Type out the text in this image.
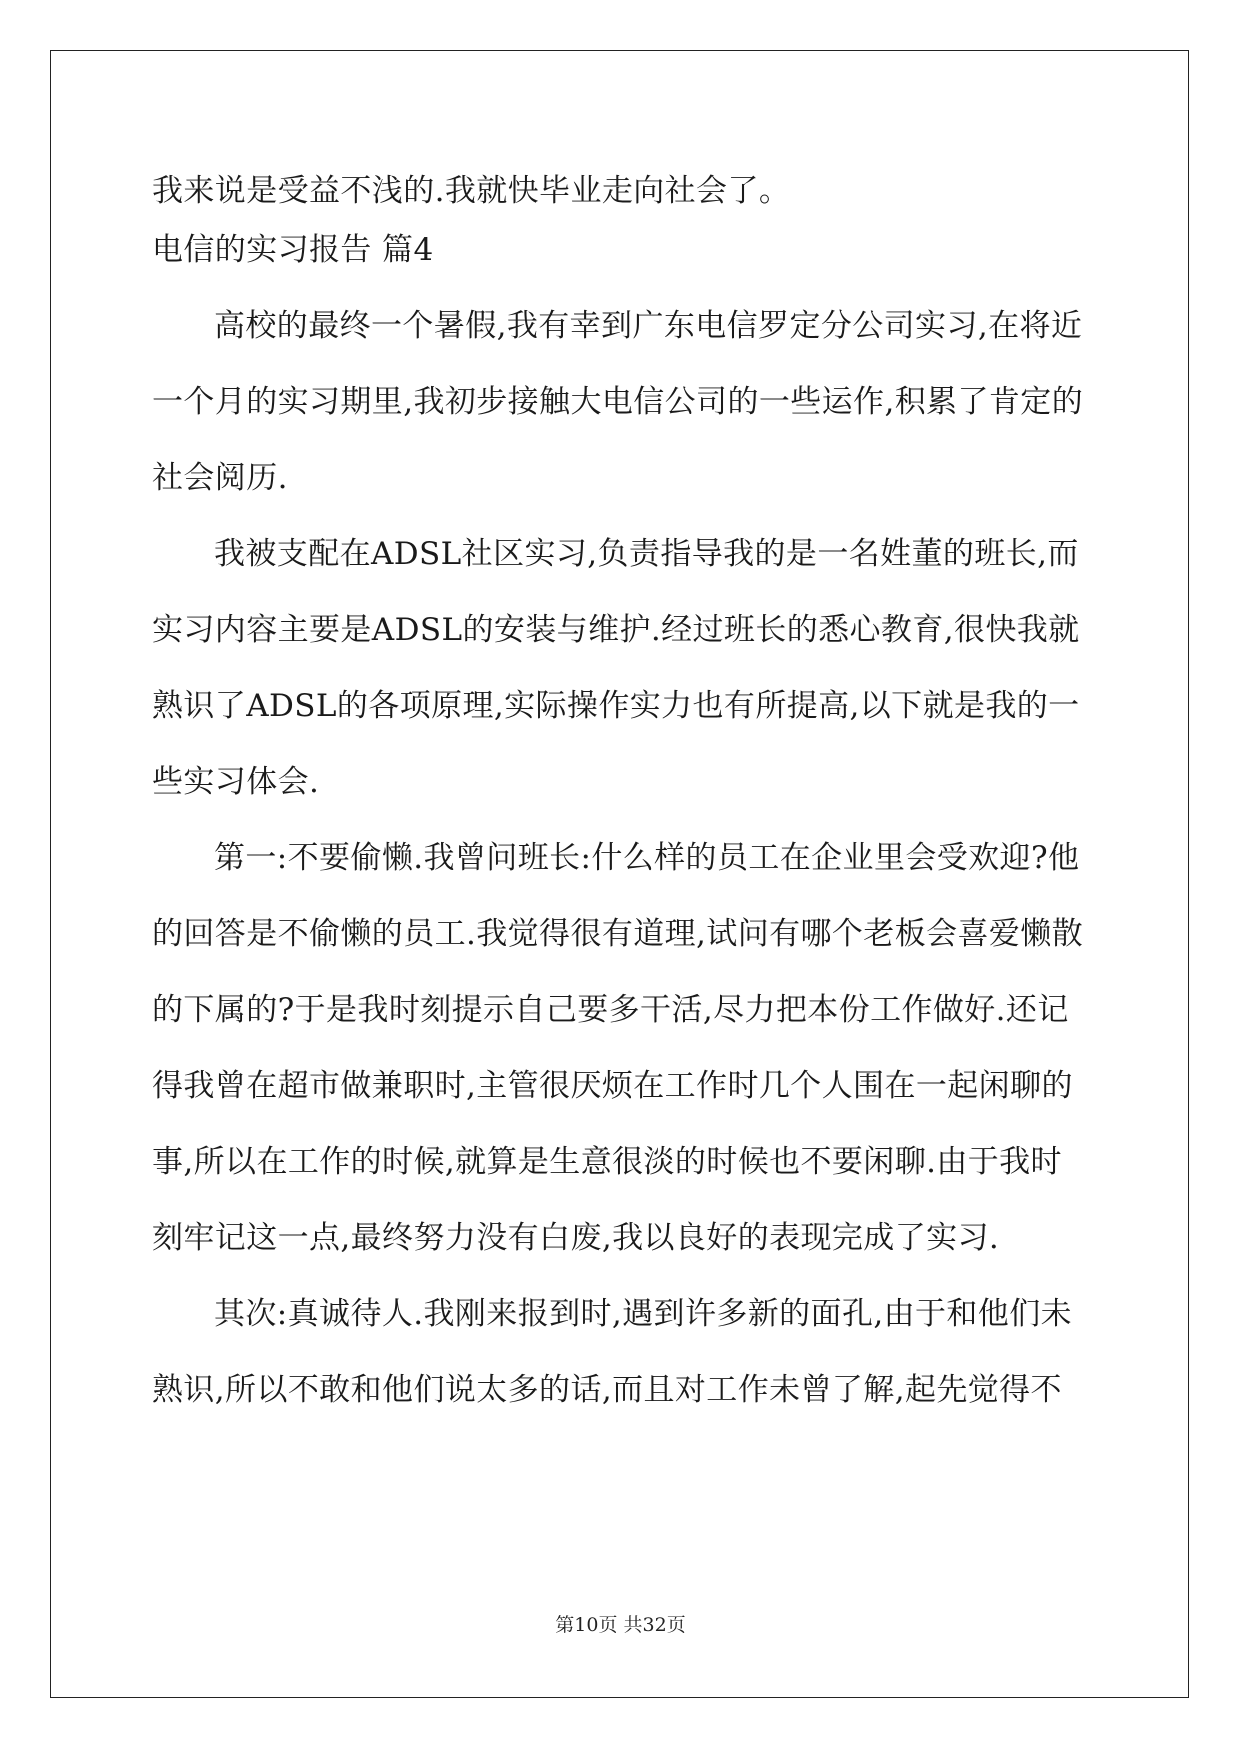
我来说是受益不浅的.我就快毕业走向社会了。
电信的实习报告 篇4
高校的最终一个暑假,我有幸到广东电信罗定分公司实习,在将近
一个月的实习期里,我初步接触大电信公司的一些运作,积累了肯定的
社会阅历.
我被支配在ADSL社区实习,负责指导我的是一名姓董的班长,而
实习内容主要是ADSL的安装与维护.经过班长的悉心教育,很快我就
熟识了ADSL的各项原理,实际操作实力也有所提高,以下就是我的一
些实习体会.
第一:不要偷懒.我曾问班长:什么样的员工在企业里会受欢迎?他
的回答是不偷懒的员工.我觉得很有道理,试问有哪个老板会喜爱懒散
的下属的?于是我时刻提示自己要多干活,尽力把本份工作做好.还记
得我曾在超市做兼职时,主管很厌烦在工作时几个人围在一起闲聊的
事,所以在工作的时候,就算是生意很淡的时候也不要闲聊.由于我时
刻牢记这一点,最终努力没有白废,我以良好的表现完成了实习.
其次:真诚待人.我刚来报到时,遇到许多新的面孔,由于和他们未
熟识,所以不敢和他们说太多的话,而且对工作未曾了解,起先觉得不
第10页 共32页
